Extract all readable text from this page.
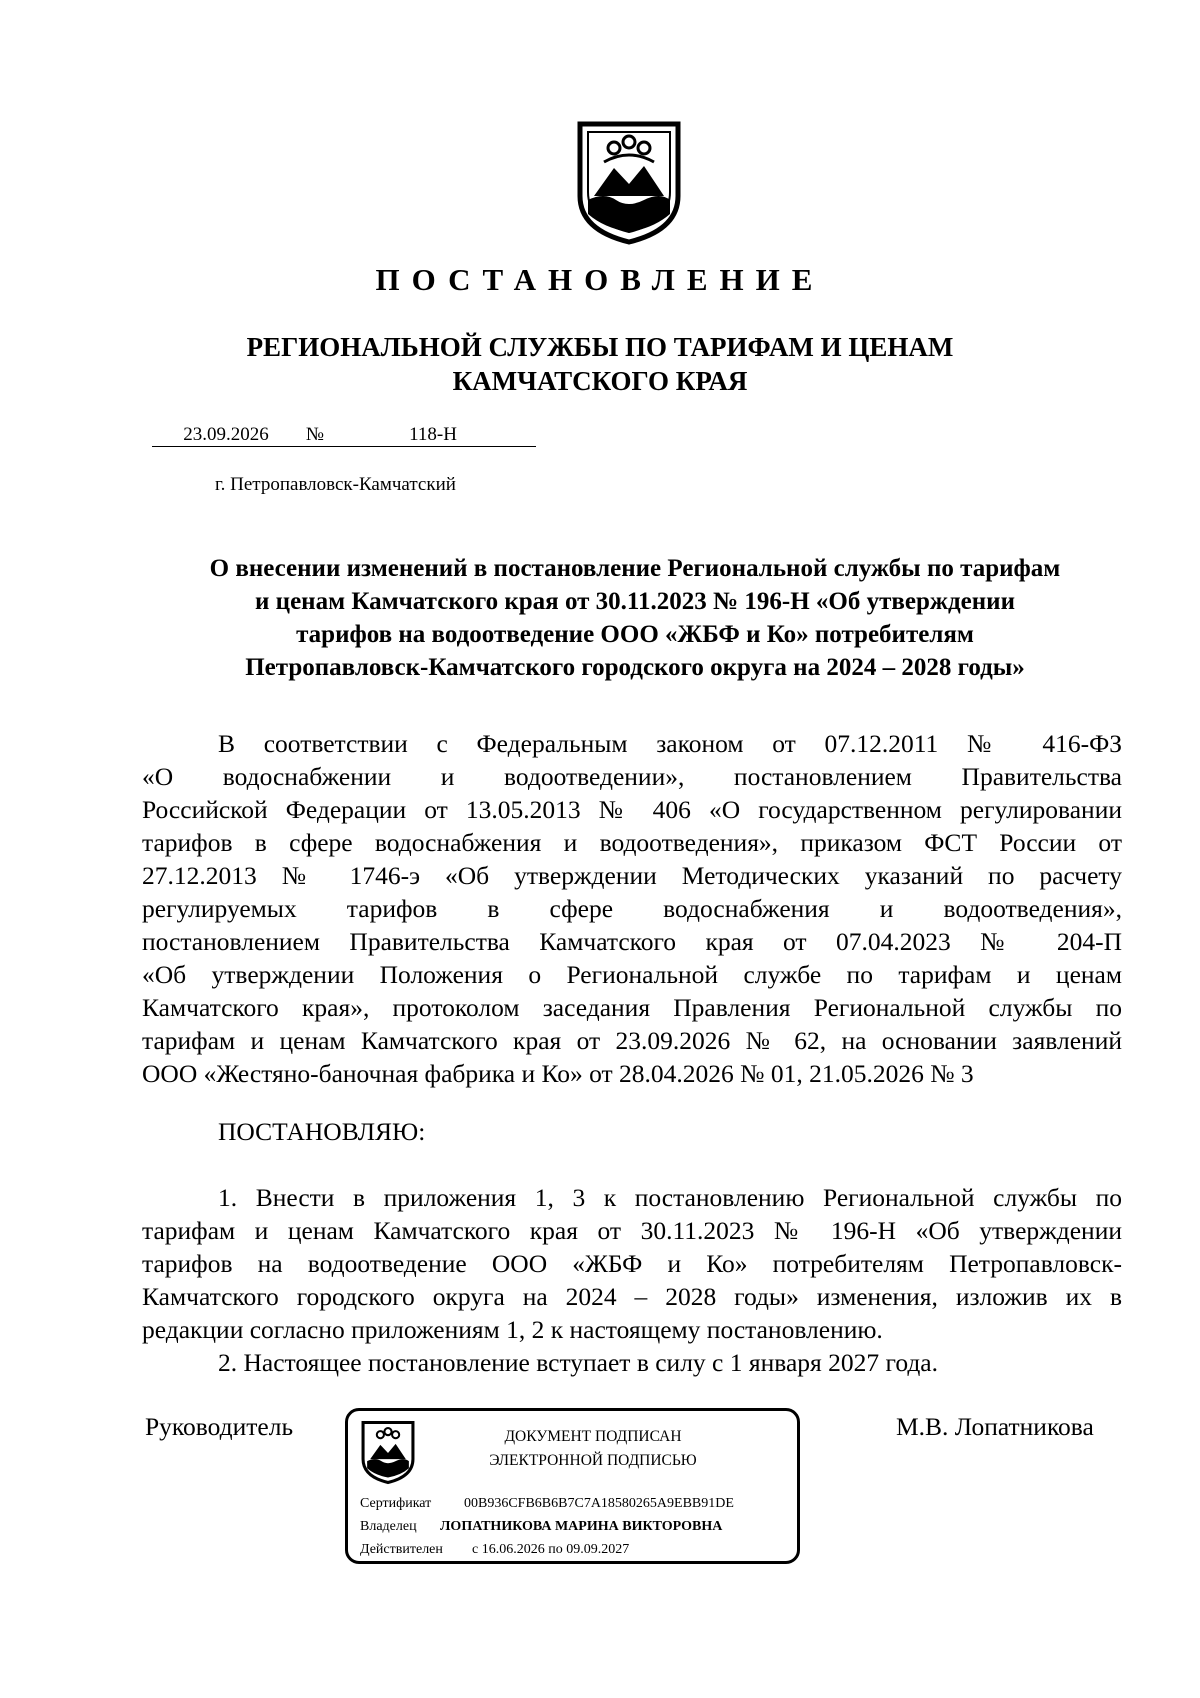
ПОСТАНОВЛЕНИЕ
РЕГИОНАЛЬНОЙ СЛУЖБЫ ПО ТАРИФАМ И ЦЕНАМ
КАМЧАТСКОГО КРАЯ
23.09.2026 №	118-Н
г. Петропавловск-Камчатский
О внесении изменений в постановление Региональной службы по тарифам
и ценам Камчатского края от 30.11.2023 № 196-Н «Об утверждении
тарифов на водоотведение ООО «ЖБФ и Ко» потребителям
Петропавловск-Камчатского городского округа на 2024 – 2028 годы»
В соответствии с Федеральным законом от 07.12.2011 № 416-ФЗ
«О водоснабжении и водоотведении», постановлением Правительства
Российской Федерации от 13.05.2013 № 406 «О государственном регулировании
тарифов в сфере водоснабжения и водоотведения», приказом ФСТ России от
27.12.2013 № 1746-э «Об утверждении Методических указаний по расчету
регулируемых тарифов в сфере водоснабжения и водоотведения»,
постановлением Правительства Камчатского края от 07.04.2023 № 204-П
«Об утверждении Положения о Региональной службе по тарифам и ценам
Камчатского края», протоколом заседания Правления Региональной службы по
тарифам и ценам Камчатского края от 23.09.2026 № 62, на основании заявлений
ООО «Жестяно-баночная фабрика и Ко» от 28.04.2026 № 01, 21.05.2026 № 3
ПОСТАНОВЛЯЮ:
1. Внести в приложения 1, 3 к постановлению Региональной службы по
тарифам и ценам Камчатского края от 30.11.2023 № 196-Н «Об утверждении
тарифов на водоотведение ООО «ЖБФ и Ко» потребителям Петропавловск-
Камчатского городского округа на 2024 – 2028 годы» изменения, изложив их в
редакции согласно приложениям 1, 2 к настоящему постановлению.
2. Настоящее постановление вступает в силу с 1 января 2027 года.
Руководитель	М.В. Лопатникова
ДОКУМЕНТ ПОДПИСАН
ЭЛЕКТРОННОЙ ПОДПИСЬЮ
Сертификат 00B936CFB6B6B7C7A18580265A9EBB91DE
Владелец ЛОПАТНИКОВА МАРИНА ВИКТОРОВНА
Действителен с 16.06.2026 по 09.09.2027
